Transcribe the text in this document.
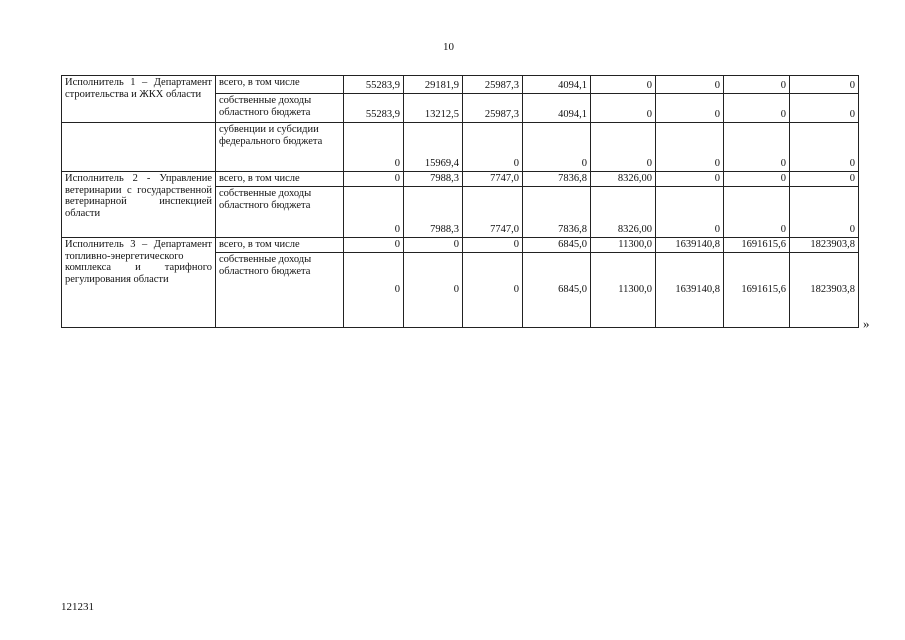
10
Исполнитель 1 – Департамент строительства и ЖКХ области	всего, в том числе	55283,9	29181,9	25987,3	4094,1	0	0	0	0
	собственные доходы областного бюджета	55283,9	13212,5	25987,3	4094,1	0	0	0	0
	субвенции и субсидии федерального бюджета	0	15969,4	0	0	0	0	0	0
Исполнитель 2 - Управление ветеринарии с государственной ветеринарной инспекцией области	всего, в том числе	0	7988,3	7747,0	7836,8	8326,00	0	0	0
	собственные доходы областного бюджета	0	7988,3	7747,0	7836,8	8326,00	0	0	0
Исполнитель 3 – Департамент топливно-энергетического комплекса и тарифного регулирования области	всего, в том числе	0	0	0	6845,0	11300,0	1639140,8	1691615,6	1823903,8
	собственные доходы областного бюджета	0	0	0	6845,0	11300,0	1639140,8	1691615,6	1823903,8
»
121231
